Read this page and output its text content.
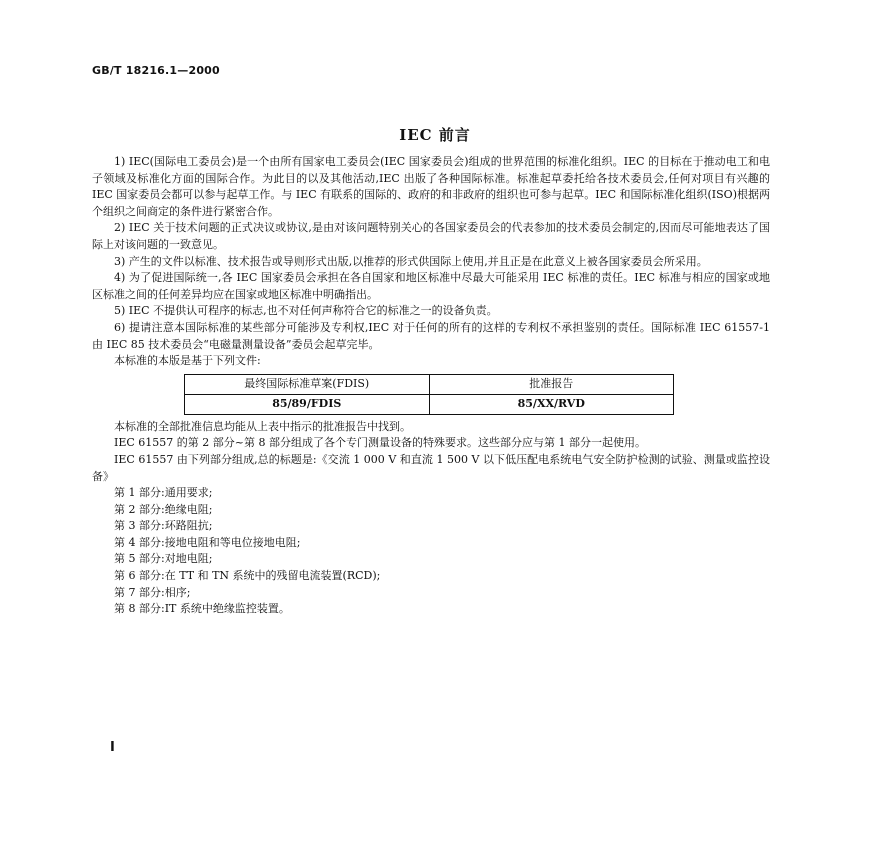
GB/T 18216.1—2000
IEC 前言

1) IEC(国际电工委员会)是一个由所有国家电工委员会(IEC 国家委员会)组成的世界范围的标准化组织。IEC 的目标在于推动电工和电子领域及标准化方面的国际合作。为此目的以及其他活动,IEC 出版了各种国际标准。标准起草委托给各技术委员会,任何对项目有兴趣的 IEC 国家委员会都可以参与起草工作。与 IEC 有联系的国际的、政府的和非政府的组织也可参与起草。IEC 和国际标准化组织(ISO)根据两个组织之间商定的条件进行紧密合作。

2) IEC 关于技术问题的正式决议或协议,是由对该问题特别关心的各国家委员会的代表参加的技术委员会制定的,因而尽可能地表达了国际上对该问题的一致意见。

3) 产生的文件以标准、技术报告或导则形式出版,以推荐的形式供国际上使用,并且正是在此意义上被各国家委员会所采用。

4) 为了促进国际统一,各 IEC 国家委员会承担在各自国家和地区标准中尽最大可能采用 IEC 标准的责任。IEC 标准与相应的国家或地区标准之间的任何差异均应在国家或地区标准中明确指出。

5) IEC 不提供认可程序的标志,也不对任何声称符合它的标准之一的设备负责。

6) 提请注意本国际标准的某些部分可能涉及专利权,IEC 对于任何的所有的这样的专利权不承担鉴别的责任。国际标准 IEC 61557-1 由 IEC 85 技术委员会“电磁量测量设备”委员会起草完毕。

本标准的本版是基于下列文件:

最终国际标准草案(FDIS)	批准报告
85/89/FDIS	85/XX/RVD

本标准的全部批准信息均能从上表中指示的批准报告中找到。

IEC 61557 的第 2 部分~第 8 部分组成了各个专门测量设备的特殊要求。这些部分应与第 1 部分一起使用。

IEC 61557 由下列部分组成,总的标题是:《交流 1 000 V 和直流 1 500 V 以下低压配电系统电气安全防护检测的试验、测量或监控设备》

第 1 部分:通用要求;

第 2 部分:绝缘电阻;

第 3 部分:环路阻抗;

第 4 部分:接地电阻和等电位接地电阻;

第 5 部分:对地电阻;

第 6 部分:在 TT 和 TN 系统中的残留电流装置(RCD);

第 7 部分:相序;

第 8 部分:IT 系统中绝缘监控装置。

I
